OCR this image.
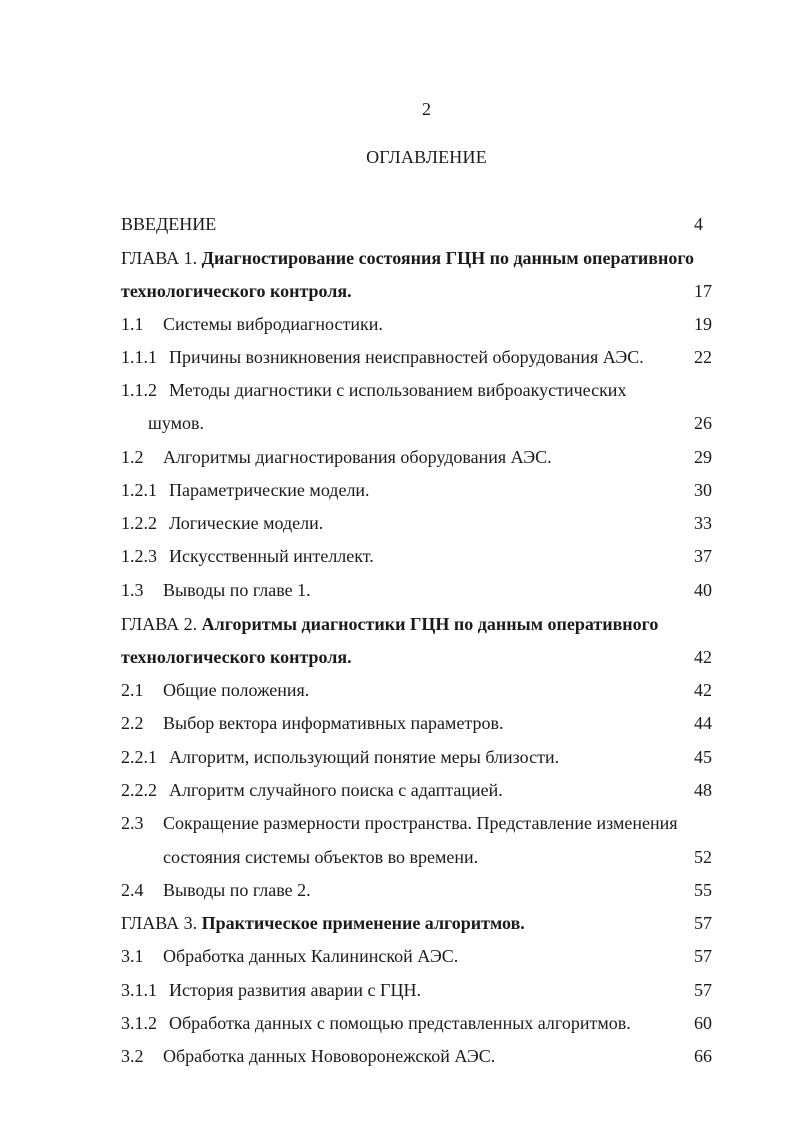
2
ОГЛАВЛЕНИЕ
ВВЕДЕНИЕ	4
ГЛАВА 1. Диагностирование состояния ГЦН по данным оперативного
технологического контроля.	17
1.1 Системы вибродиагностики.	19
1.1.1 Причины возникновения неисправностей оборудования АЭС.	22
1.1.2 Методы диагностики с использованием виброакустических
шумов.	26
1.2 Алгоритмы диагностирования оборудования АЭС.	29
1.2.1 Параметрические модели.	30
1.2.2 Логические модели.	33
1.2.3 Искусственный интеллект.	37
1.3 Выводы по главе 1.	40
ГЛАВА 2. Алгоритмы диагностики ГЦН по данным оперативного
технологического контроля.	42
2.1 Общие положения.	42
2.2 Выбор вектора информативных параметров.	44
2.2.1 Алгоритм, использующий понятие меры близости.	45
2.2.2 Алгоритм случайного поиска с адаптацией.	48
2.3 Сокращение размерности пространства. Представление изменения
состояния системы объектов во времени.	52
2.4 Выводы по главе 2.	55
ГЛАВА 3. Практическое применение алгоритмов.	57
3.1 Обработка данных Калининской АЭС.	57
3.1.1 История развития аварии с ГЦН.	57
3.1.2 Обработка данных с помощью представленных алгоритмов.	60
3.2 Обработка данных Нововоронежской АЭС.	66
